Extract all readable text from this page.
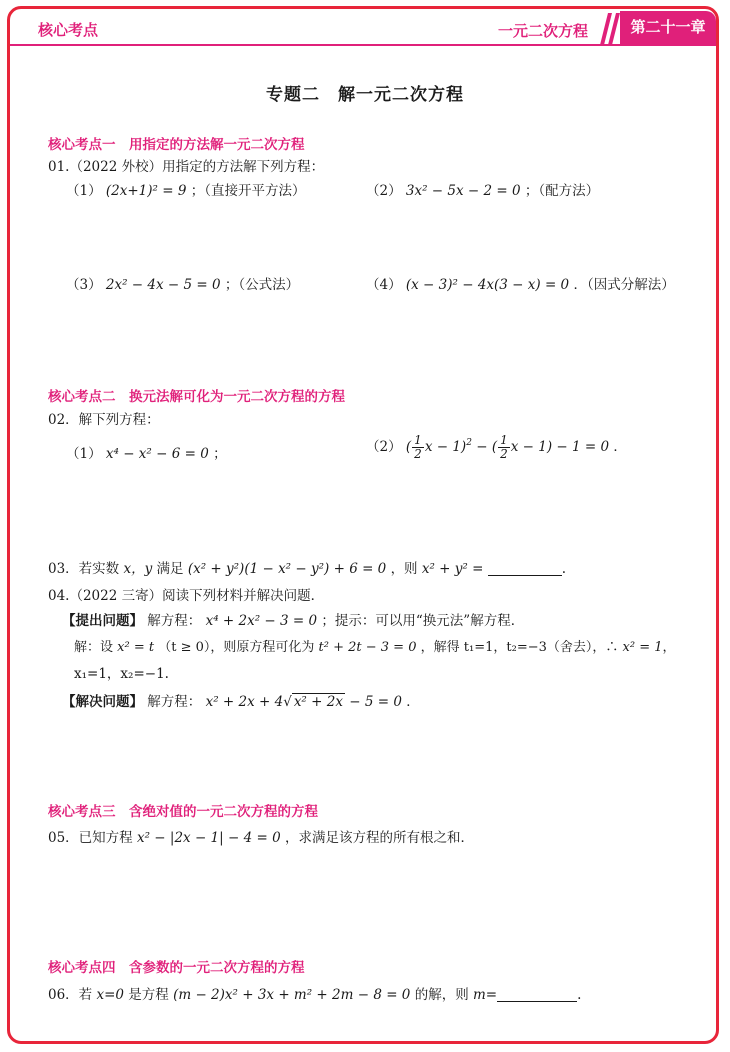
核心考点	一元二次方程	第二十一章
专题二　解一元二次方程
核心考点一　用指定的方法解一元二次方程
01.（2022 外校）用指定的方法解下列方程：
（1） (2x+1)² = 9 ；（直接开平方法）	（2） 3x² − 5x − 2 = 0 ；（配方法）
（3） 2x² − 4x − 5 = 0 ；（公式法）	（4） (x − 3)² − 4x(3 − x) = 0 ．（因式分解法）
核心考点二　换元法解可化为一元二次方程的方程
02．解下列方程：
（1） x⁴ − x² − 6 = 0 ；	（2） ( $\frac{1}{2}$ x − 1)$^2$ − ( $\frac{1}{2}$ x − 1) − 1 = 0 ．
03．若实数 x，y 满足 (x² + y²)(1 − x² − y²) + 6 = 0 ，则 x² + y² =	.
04.（2022 三寄）阅读下列材料并解决问题．
【提出问题】 解方程： x⁴ + 2x² − 3 = 0 ；提示：可以用“换元法”解方程．
解：设 x² = t （t ≥ 0），则原方程可化为 t² + 2t − 3 = 0 ，解得 t₁=1，t₂=−3（舍去），∴ x² = 1，
x₁=1，x₂=−1.
【解决问题】 解方程： x² + 2x + 4√ x² + 2x − 5 = 0 ．
核心考点三　含绝对值的一元二次方程的方程
05．已知方程 x² − |2x − 1| − 4 = 0 ，求满足该方程的所有根之和．
核心考点四　含参数的一元二次方程的方程
06．若 x=0 是方程 (m − 2)x² + 3x + m² + 2m − 8 = 0 的解，则 m=	.
